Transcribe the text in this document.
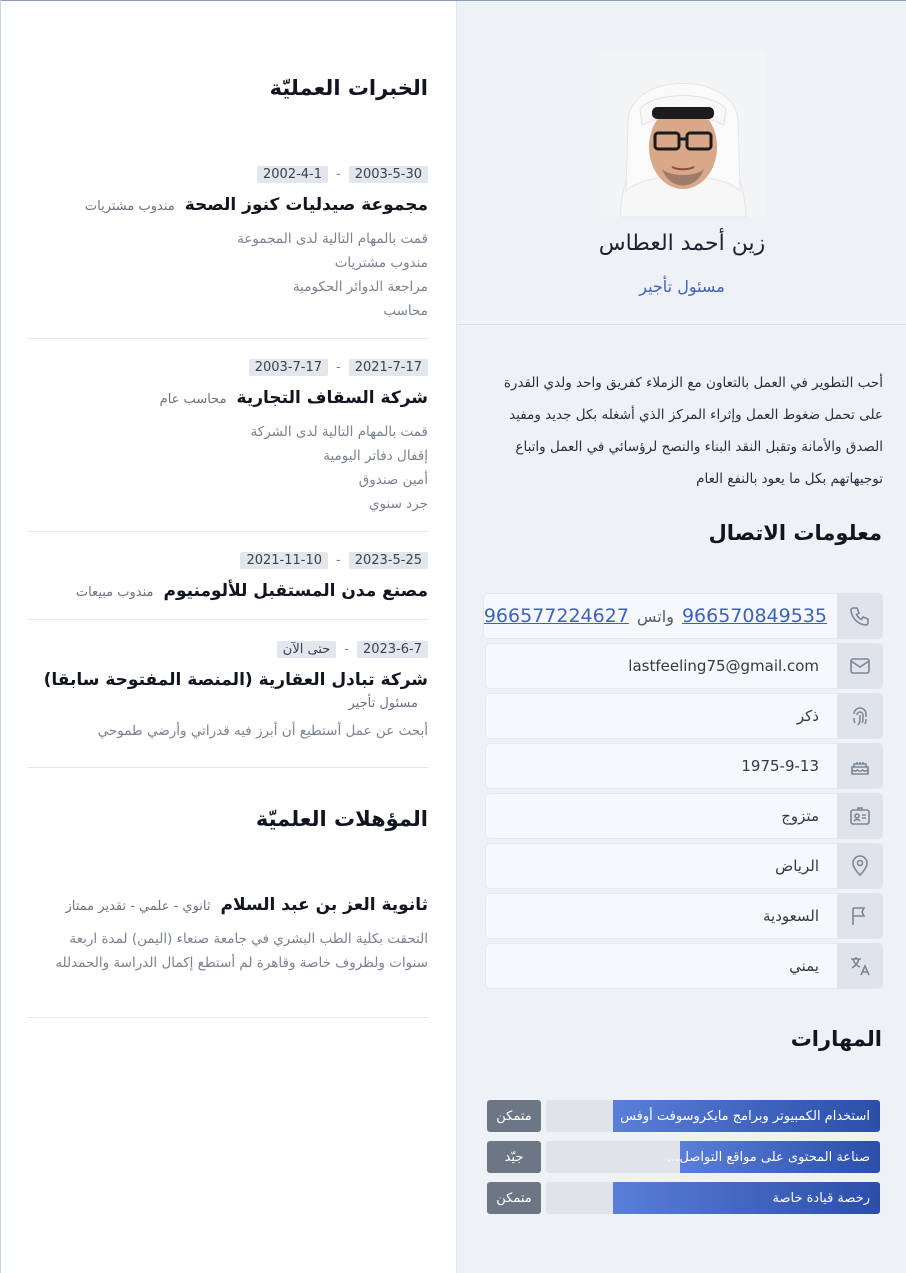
زين أحمد العطاس
مسئول تأجير

أحب التطوير في العمل بالتعاون مع الزملاء كفريق واحد ولدي القدرة على تحمل ضغوط العمل وإثراء المركز الذي أشغله بكل جديد ومفيد الصدق والأمانة وتقبل النقد البناء والنصح لرؤسائي في العمل واتباع توجيهاتهم بكل ما يعود بالنفع العام

معلومات الاتصال
966570849535
واتس
966577224627
lastfeeling75@gmail.com
ذكر
1975-9-13
متزوج
الرياض
السعودية
يمني
المهارات
استخدام الكمبيوتر وبرامج مايكروسوفت أوفس
متمكن
صناعة المحتوى على مواقع التواصل...
جيّد
رخصة قيادة خاصة
متمكن
الخبرات العمليّة
2003-5-30
-
2002-4-1
مجموعة صيدليات كنوز الصحة
مندوب مشتريات
قمت بالمهام التالية لدى المجموعة
مندوب مشتريات
مراجعة الدوائر الحكومية
محاسب
2021-7-17
-
2003-7-17
شركة السقاف التجارية
محاسب عام
قمت بالمهام التالية لدى الشركة
إقفال دفاتر اليومية
أمين صندوق
جرد سنوي
2023-5-25
-
2021-11-10
مصنع مدن المستقبل للألومنيوم
مندوب مبيعات
2023-6-7
-
حتى الآن
شركة تبادل العقارية (المنصة المفتوحة سابقا)
مسئول تأجير
أبحث عن عمل أستطيع أن أبرز فيه قدراتي وأرضي طموحي
المؤهلات العلميّة
ثانوية العز بن عبد السلام
ثانوي - علمي - تقدير ممتاز
التحقت بكلية الطب البشري في جامعة صنعاء (اليمن) لمدة اربعة سنوات ولظروف خاصة وقاهرة لم أستطع إكمال الدراسة والحمدلله
